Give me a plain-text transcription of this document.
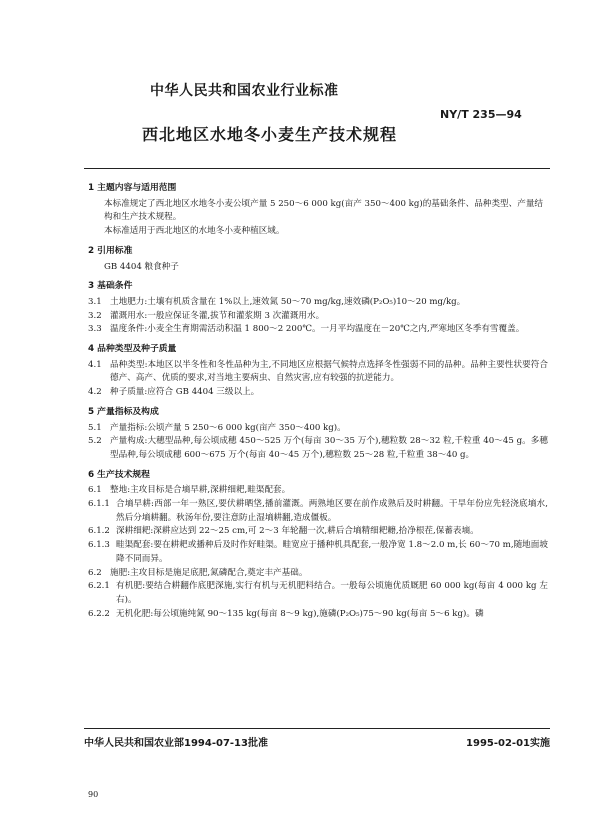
中华人民共和国农业行业标准
NY/T 235—94
西北地区水地冬小麦生产技术规程
1 主题内容与适用范围
本标准规定了西北地区水地冬小麦公顷产量 5 250～6 000 kg(亩产 350～400 kg)的基础条件、品种类型、产量结构和生产技术规程。
本标准适用于西北地区的水地冬小麦种植区域。
2 引用标准
GB 4404 粮食种子
3 基础条件
3.1 土地肥力:土壤有机质含量在 1%以上,速效氮 50～70 mg/kg,速效磷(P₂O₅)10～20 mg/kg。
3.2 灌溉用水:一般应保证冬灌,拔节和灌浆期 3 次灌溉用水。
3.3 温度条件:小麦全生育期需活动积温 1 800～2 200℃。一月平均温度在－20℃之内,严寒地区冬季有雪覆盖。
4 品种类型及种子质量
4.1 品种类型:本地区以半冬性和冬性品种为主,不同地区应根据气候特点选择冬性强弱不同的品种。品种主要性状要符合德产、高产、优质的要求,对当地主要病虫、自然灾害,应有较强的抗逆能力。
4.2 种子质量:应符合 GB 4404 三级以上。
5 产量指标及构成
5.1 产量指标:公顷产量 5 250～6 000 kg(亩产 350～400 kg)。
5.2 产量构成:大穗型品种,每公顷成穗 450～525 万个(每亩 30～35 万个),穗粒数 28～32 粒,千粒重 40～45 g。多穗型品种,每公顷成穗 600～675 万个(每亩 40～45 万个),穗粒数 25～28 粒,千粒重 38～40 g。
6 生产技术规程
6.1 整地:主攻目标是合墒早耕,深耕细耙,畦渠配套。
6.1.1 合墒早耕:西部一年一熟区,要伏耕晒垡,播前灌溉。两熟地区要在前作成熟后及时耕翻。干旱年份应先轻浇底墒水,然后分墒耕翻。秋汤年份,要注意防止湿墒耕翻,造成僵板。
6.1.2 深耕细耙:深耕应达到 22～25 cm,可 2～3 年轮翻一次,耕后合墒精细耙耱,拾净根茬,保蓄表墒。
6.1.3 畦渠配套:要在耕耙或播种后及时作好畦渠。畦宽应于播种机具配套,一般净宽 1.8～2.0 m,长 60～70 m,随地面坡降不同而异。
6.2 施肥:主攻目标是施足底肥,氮磷配合,奠定丰产基础。
6.2.1 有机肥:要结合耕翻作底肥深施,实行有机与无机肥料结合。一般每公顷施优质厩肥 60 000 kg(每亩 4 000 kg 左右)。
6.2.2 无机化肥:每公顷施纯氮 90～135 kg(每亩 8～9 kg),施磷(P₂O₅)75～90 kg(每亩 5～6 kg)。磷
中华人民共和国农业部1994-07-13批准	1995-02-01实施
90
